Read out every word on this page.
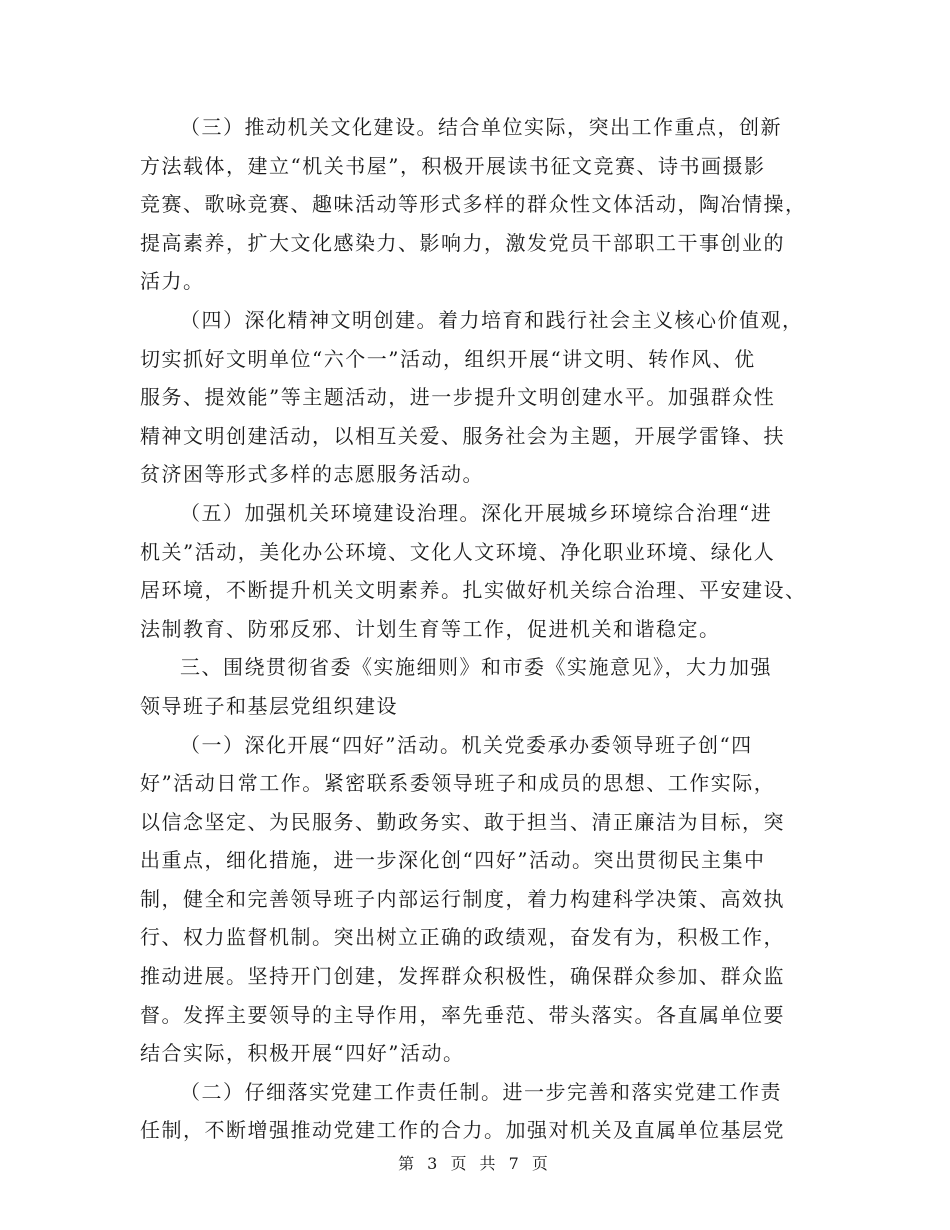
（三）推动机关文化建设。结合单位实际，突出工作重点，创新
方法载体，建立“机关书屋”，积极开展读书征文竞赛、诗书画摄影
竞赛、歌咏竞赛、趣味活动等形式多样的群众性文体活动，陶冶情操，
提高素养，扩大文化感染力、影响力，激发党员干部职工干事创业的
活力。
（四）深化精神文明创建。着力培育和践行社会主义核心价值观，
切实抓好文明单位“六个一”活动，组织开展“讲文明、转作风、优
服务、提效能”等主题活动，进一步提升文明创建水平。加强群众性
精神文明创建活动，以相互关爱、服务社会为主题，开展学雷锋、扶
贫济困等形式多样的志愿服务活动。
（五）加强机关环境建设治理。深化开展城乡环境综合治理“进
机关”活动，美化办公环境、文化人文环境、净化职业环境、绿化人
居环境，不断提升机关文明素养。扎实做好机关综合治理、平安建设、
法制教育、防邪反邪、计划生育等工作，促进机关和谐稳定。
三、围绕贯彻省委《实施细则》和市委《实施意见》，大力加强
领导班子和基层党组织建设
（一）深化开展“四好”活动。机关党委承办委领导班子创“四
好”活动日常工作。紧密联系委领导班子和成员的思想、工作实际，
以信念坚定、为民服务、勤政务实、敢于担当、清正廉洁为目标，突
出重点，细化措施，进一步深化创“四好”活动。突出贯彻民主集中
制，健全和完善领导班子内部运行制度，着力构建科学决策、高效执
行、权力监督机制。突出树立正确的政绩观，奋发有为，积极工作，
推动进展。坚持开门创建，发挥群众积极性，确保群众参加、群众监
督。发挥主要领导的主导作用，率先垂范、带头落实。各直属单位要
结合实际，积极开展“四好”活动。
（二）仔细落实党建工作责任制。进一步完善和落实党建工作责
任制，不断增强推动党建工作的合力。加强对机关及直属单位基层党
第 3 页 共 7 页
